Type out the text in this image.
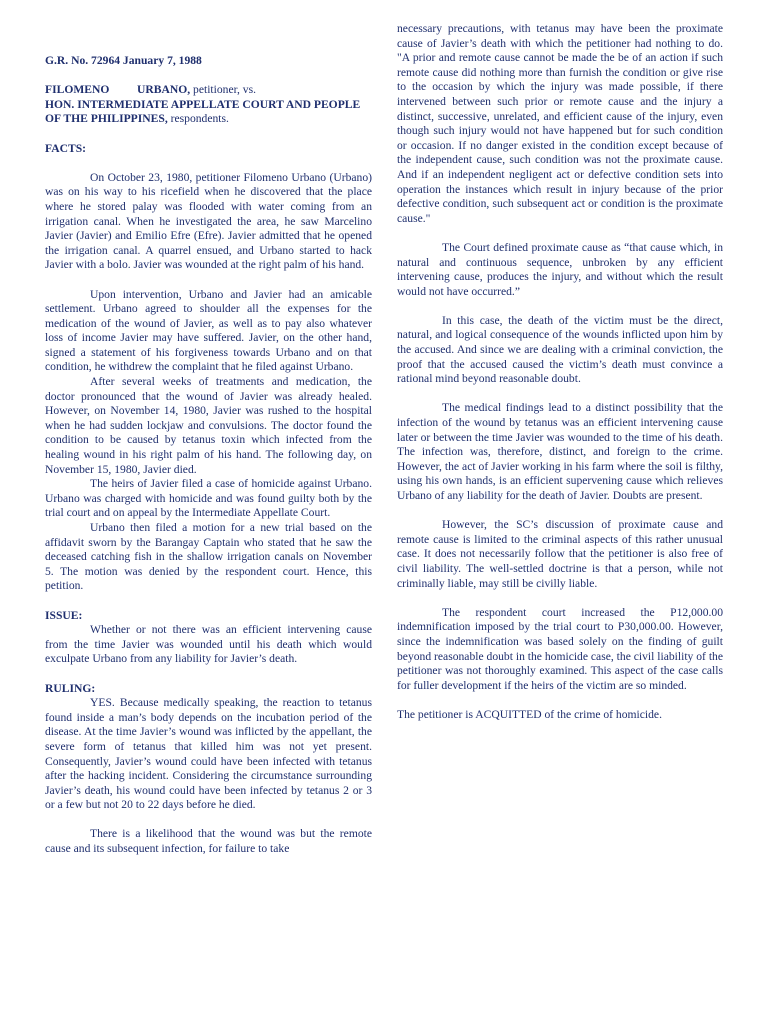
G.R. No. 72964 January 7, 1988

FILOMENO URBANO, petitioner, vs.

HON. INTERMEDIATE APPELLATE COURT AND PEOPLE OF THE PHILIPPINES, respondents.

FACTS:

On October 23, 1980, petitioner Filomeno Urbano (Urbano) was on his way to his ricefield when he discovered that the place where he stored palay was flooded with water coming from an irrigation canal. When he investigated the area, he saw Marcelino Javier (Javier) and Emilio Efre (Efre). Javier admitted that he opened the irrigation canal. A quarrel ensued, and Urbano started to hack Javier with a bolo. Javier was wounded at the right palm of his hand.

Upon intervention, Urbano and Javier had an amicable settlement. Urbano agreed to shoulder all the expenses for the medication of the wound of Javier, as well as to pay also whatever loss of income Javier may have suffered. Javier, on the other hand, signed a statement of his forgiveness towards Urbano and on that condition, he withdrew the complaint that he filed against Urbano.

After several weeks of treatments and medication, the doctor pronounced that the wound of Javier was already healed. However, on November 14, 1980, Javier was rushed to the hospital when he had sudden lockjaw and convulsions. The doctor found the condition to be caused by tetanus toxin which infected from the healing wound in his right palm of his hand. The following day, on November 15, 1980, Javier died.

The heirs of Javier filed a case of homicide against Urbano. Urbano was charged with homicide and was found guilty both by the trial court and on appeal by the Intermediate Appellate Court.

Urbano then filed a motion for a new trial based on the affidavit sworn by the Barangay Captain who stated that he saw the deceased catching fish in the shallow irrigation canals on November 5. The motion was denied by the respondent court. Hence, this petition.

ISSUE:

Whether or not there was an efficient intervening cause from the time Javier was wounded until his death which would exculpate Urbano from any liability for Javier’s death.

RULING:

YES. Because medically speaking, the reaction to tetanus found inside a man’s body depends on the incubation period of the disease. At the time Javier’s wound was inflicted by the appellant, the severe form of tetanus that killed him was not yet present. Consequently, Javier’s wound could have been infected with tetanus after the hacking incident. Considering the circumstance surrounding Javier’s death, his wound could have been infected by tetanus 2 or 3 or a few but not 20 to 22 days before he died.

There is a likelihood that the wound was but the remote cause and its subsequent infection, for failure to take

necessary precautions, with tetanus may have been the proximate cause of Javier’s death with which the petitioner had nothing to do. "A prior and remote cause cannot be made the be of an action if such remote cause did nothing more than furnish the condition or give rise to the occasion by which the injury was made possible, if there intervened between such prior or remote cause and the injury a distinct, successive, unrelated, and efficient cause of the injury, even though such injury would not have happened but for such condition or occasion. If no danger existed in the condition except because of the independent cause, such condition was not the proximate cause. And if an independent negligent act or defective condition sets into operation the instances which result in injury because of the prior defective condition, such subsequent act or condition is the proximate cause."

The Court defined proximate cause as “that cause which, in natural and continuous sequence, unbroken by any efficient intervening cause, produces the injury, and without which the result would not have occurred.”

In this case, the death of the victim must be the direct, natural, and logical consequence of the wounds inflicted upon him by the accused. And since we are dealing with a criminal conviction, the proof that the accused caused the victim’s death must convince a rational mind beyond reasonable doubt.

The medical findings lead to a distinct possibility that the infection of the wound by tetanus was an efficient intervening cause later or between the time Javier was wounded to the time of his death. The infection was, therefore, distinct, and foreign to the crime. However, the act of Javier working in his farm where the soil is filthy, using his own hands, is an efficient supervening cause which relieves Urbano of any liability for the death of Javier. Doubts are present.

However, the SC’s discussion of proximate cause and remote cause is limited to the criminal aspects of this rather unusual case. It does not necessarily follow that the petitioner is also free of civil liability. The well-settled doctrine is that a person, while not criminally liable, may still be civilly liable.

The respondent court increased the P12,000.00 indemnification imposed by the trial court to P30,000.00. However, since the indemnification was based solely on the finding of guilt beyond reasonable doubt in the homicide case, the civil liability of the petitioner was not thoroughly examined. This aspect of the case calls for fuller development if the heirs of the victim are so minded.

The petitioner is ACQUITTED of the crime of homicide.
